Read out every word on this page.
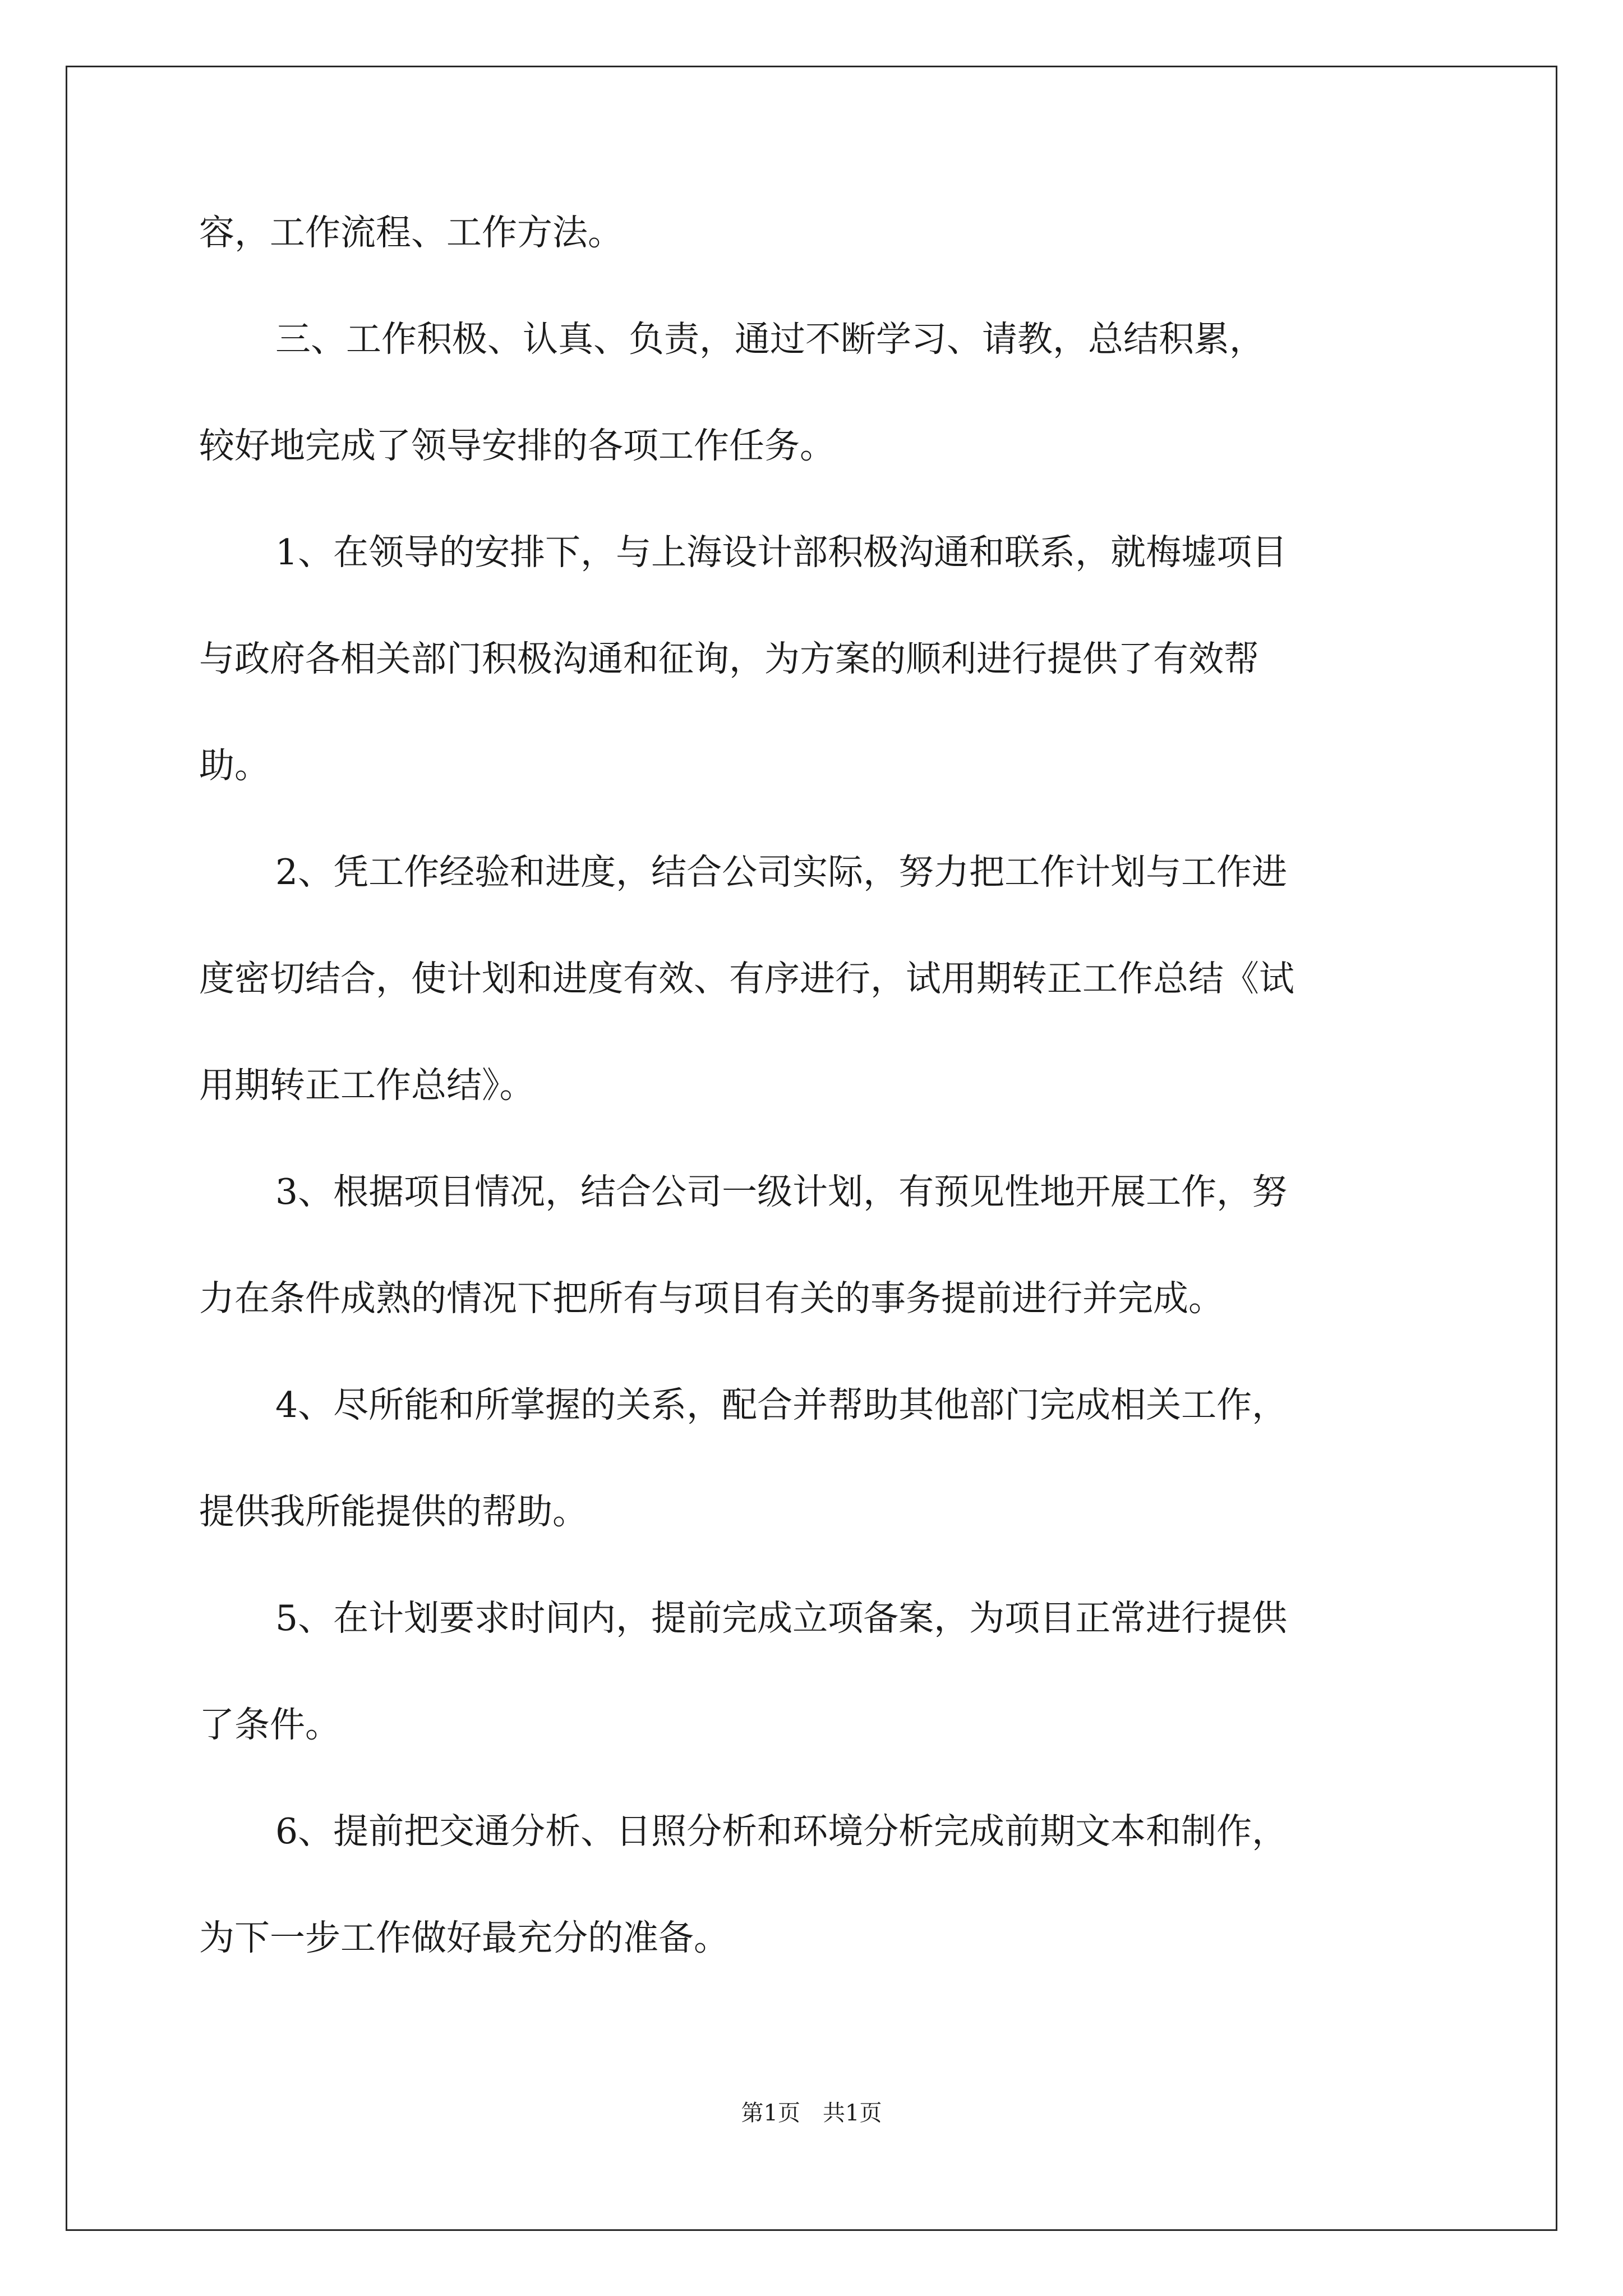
容，工作流程、工作方法。

三、工作积极、认真、负责，通过不断学习、请教，总结积累，
较好地完成了领导安排的各项工作任务。

1、在领导的安排下，与上海设计部积极沟通和联系，就梅墟项目
与政府各相关部门积极沟通和征询，为方案的顺利进行提供了有效帮
助。

2、凭工作经验和进度，结合公司实际，努力把工作计划与工作进
度密切结合，使计划和进度有效、有序进行，试用期转正工作总结《试
用期转正工作总结》。

3、根据项目情况，结合公司一级计划，有预见性地开展工作，努
力在条件成熟的情况下把所有与项目有关的事务提前进行并完成。

4、尽所能和所掌握的关系，配合并帮助其他部门完成相关工作，
提供我所能提供的帮助。

5、在计划要求时间内，提前完成立项备案，为项目正常进行提供
了条件。

6、提前把交通分析、日照分析和环境分析完成前期文本和制作，
为下一步工作做好最充分的准备。

第1页 共1页
